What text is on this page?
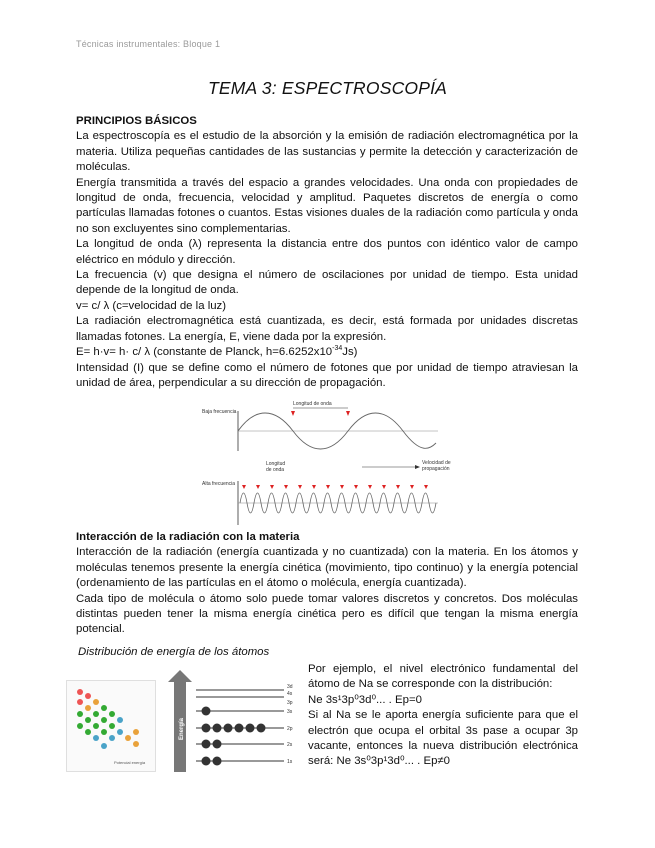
Técnicas instrumentales: Bloque 1
TEMA 3: ESPECTROSCOPÍA

PRINCIPIOS BÁSICOS

La espectroscopía es el estudio de la absorción y la emisión de radiación electromagnética por la materia. Utiliza pequeñas cantidades de las sustancias y permite la detección y caracterización de moléculas.

Energía transmitida a través del espacio a grandes velocidades. Una onda con propiedades de longitud de onda, frecuencia, velocidad y amplitud. Paquetes discretos de energía o como partículas llamadas fotones o cuantos. Estas visiones duales de la radiación como partícula y onda no son excluyentes sino complementarias.

La longitud de onda (λ) representa la distancia entre dos puntos con idéntico valor de campo eléctrico en módulo y dirección.

La frecuencia (v) que designa el número de oscilaciones por unidad de tiempo. Esta unidad depende de la longitud de onda.

v= c/ λ (c=velocidad de la luz)

La radiación electromagnética está cuantizada, es decir, está formada por unidades discretas llamadas fotones. La energía, E, viene dada por la expresión.

E= h·v= h· c/ λ (constante de Planck, $h=6.6252x10^{-34}Js$)

Intensidad (I) que se define como el número de fotones que por unidad de tiempo atraviesan la unidad de área, perpendicular a su dirección de propagación.

Baja frecuencia
Alta frecuencia
Longitud de onda
Longitud
de onda
Velocidad de
propagación

Interacción de la radiación con la materia

Interacción de la radiación (energía cuantizada y no cuantizada) con la materia. En los átomos y moléculas tenemos presente la energía cinética (movimiento, tipo continuo) y la energía potencial (ordenamiento de las partículas en el átomo o molécula, energía cuantizada).

Cada tipo de molécula o átomo solo puede tomar valores discretos y concretos. Dos moléculas distintas pueden tener la misma energía cinética pero es difícil que tengan la misma energía potencial.

Distribución de energía de los átomos
Potencial energía
Energía
3d
4s
3p
3s
2p
2s
1s

Por ejemplo, el nivel electrónico fundamental del átomo de Na se corresponde con la distribución:

Ne 3s¹3p⁰3d⁰... . Ep=0

Si al Na se le aporta energía suficiente para que el electrón que ocupa el orbital 3s pase a ocupar 3p vacante, entonces la nueva distribución electrónica será: Ne 3s⁰3p¹3d⁰... . Ep≠0
